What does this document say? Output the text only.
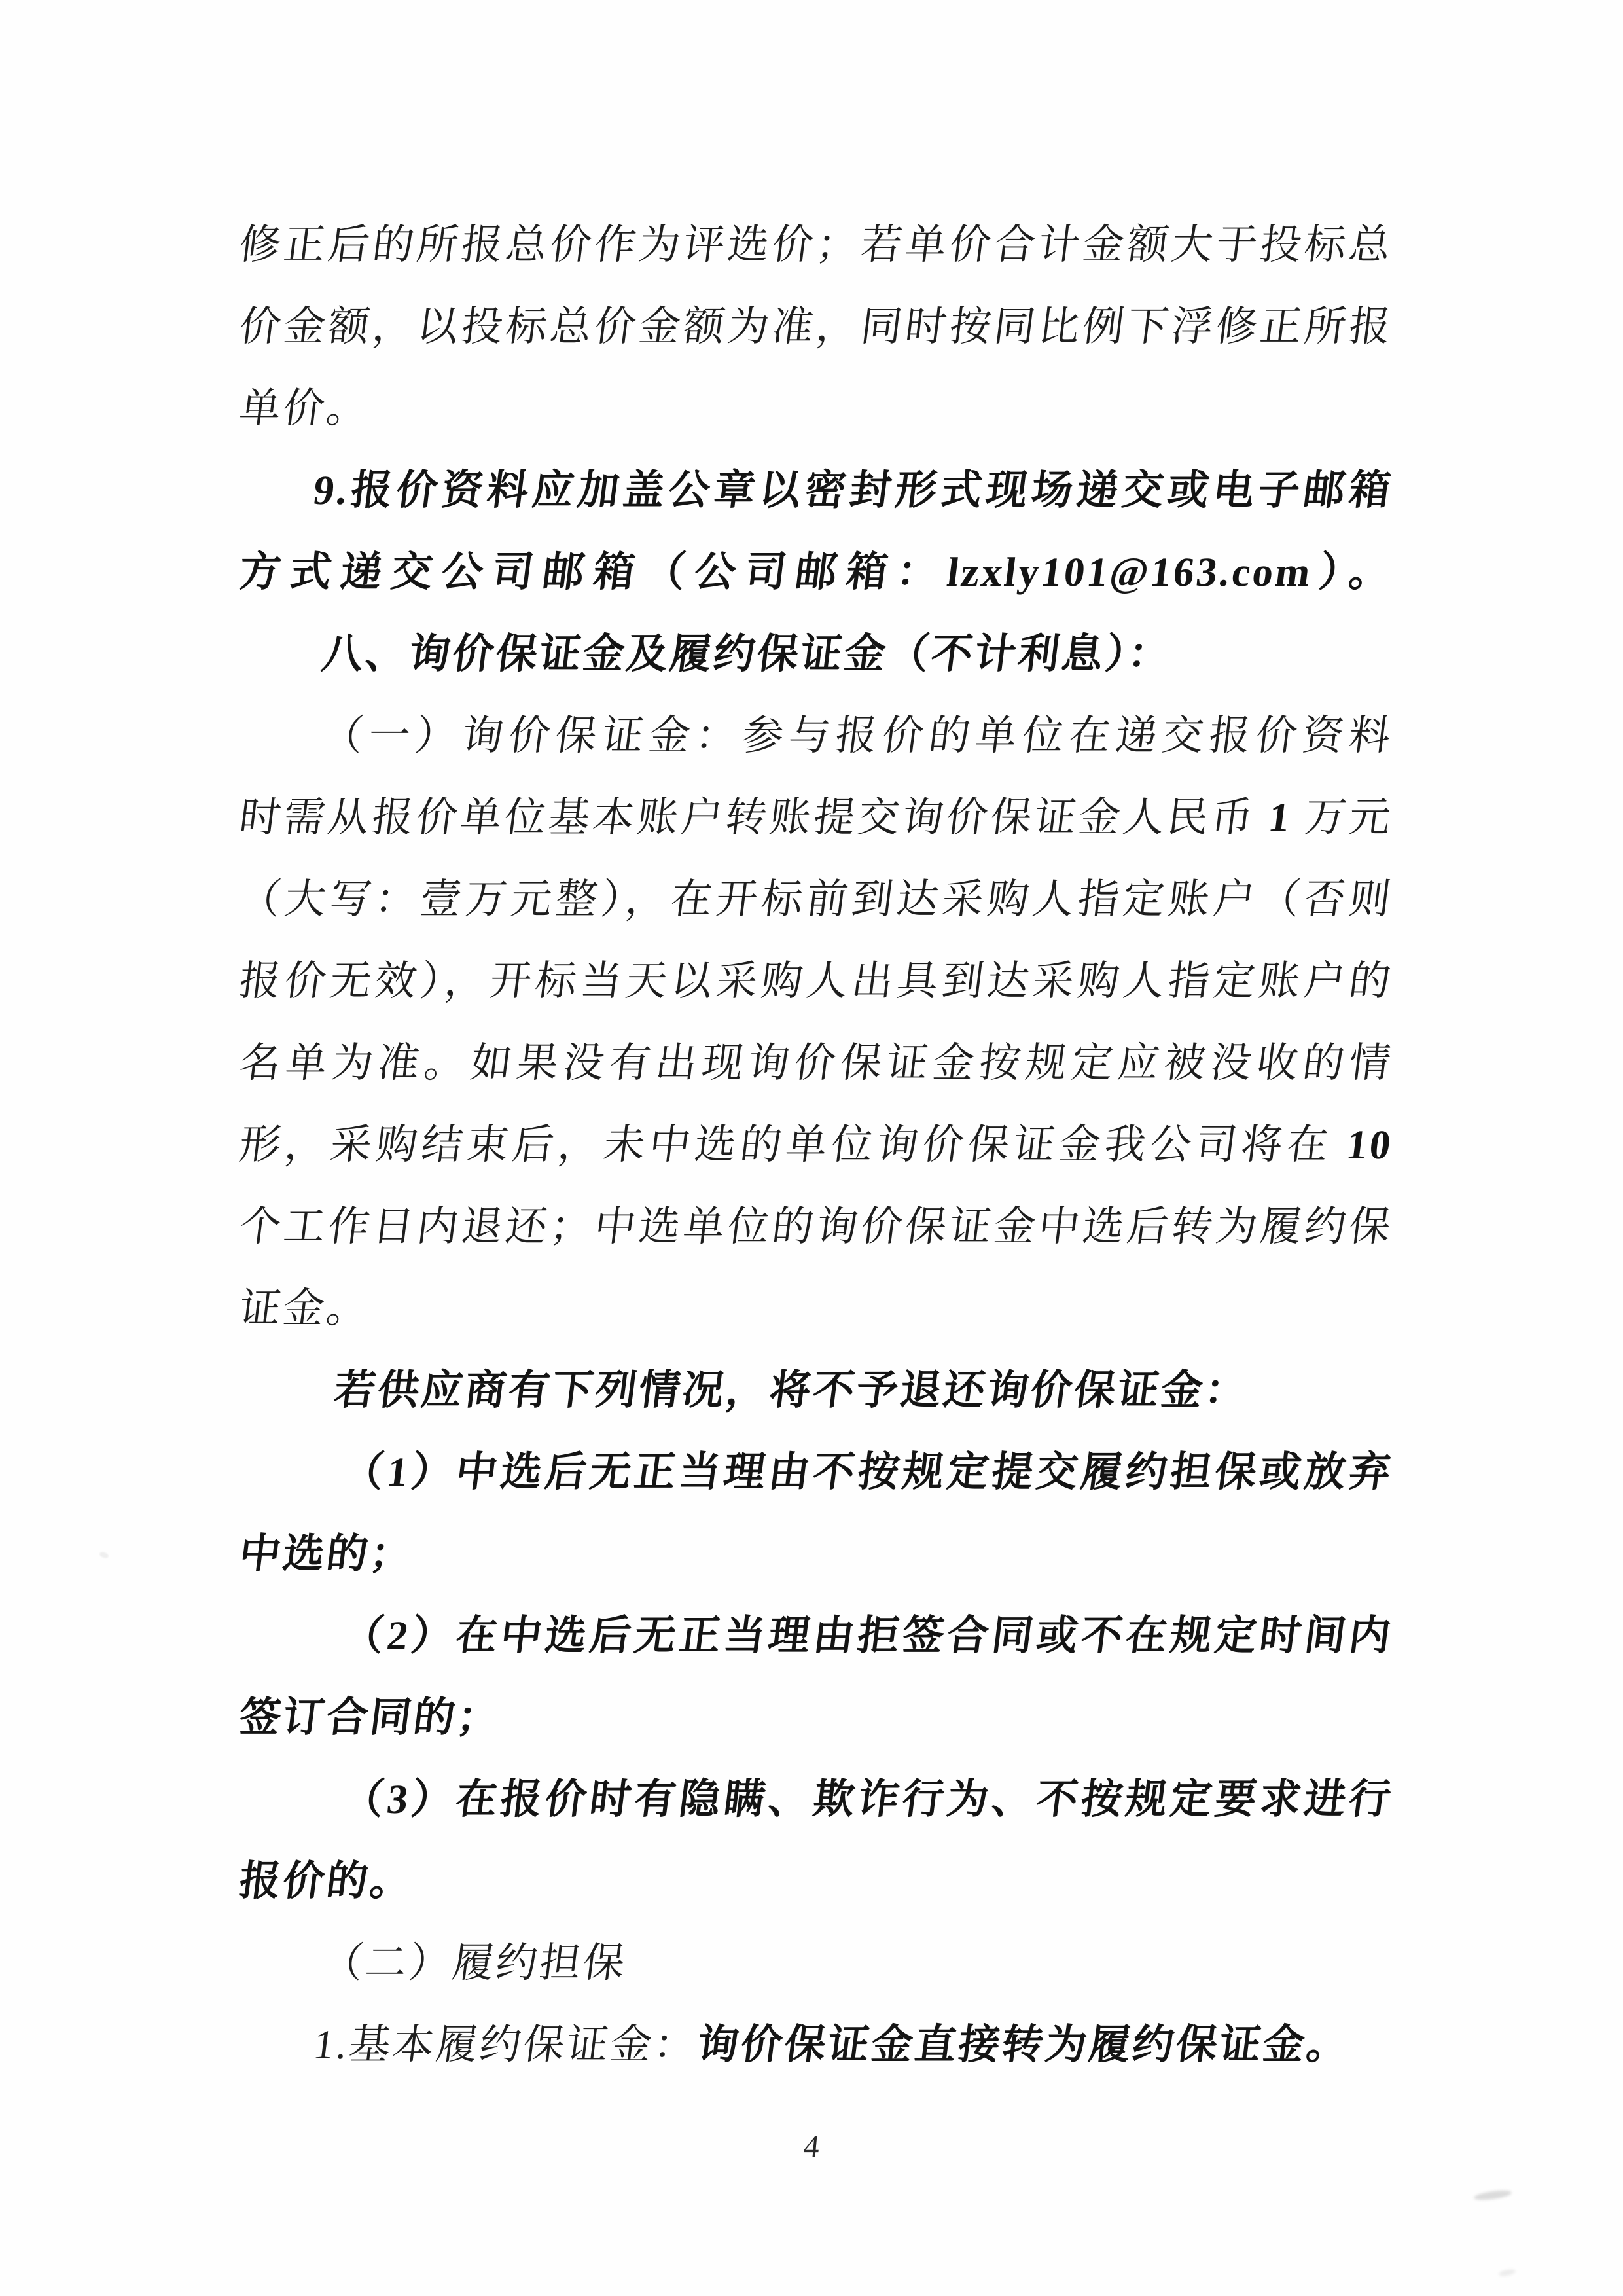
修正后的所报总价作为评选价；若单价合计金额大于投标总
价金额，以投标总价金额为准，同时按同比例下浮修正所报
单价。
9.报价资料应加盖公章以密封形式现场递交或电子邮箱
方式递交公司邮箱（公司邮箱：lzxly101@163.com）。
八、询价保证金及履约保证金（不计利息）：
（一）询价保证金：参与报价的单位在递交报价资料
时需从报价单位基本账户转账提交询价保证金人民币 1 万元
（大写：壹万元整），在开标前到达采购人指定账户（否则
报价无效），开标当天以采购人出具到达采购人指定账户的
名单为准。如果没有出现询价保证金按规定应被没收的情
形，采购结束后，未中选的单位询价保证金我公司将在 10
个工作日内退还；中选单位的询价保证金中选后转为履约保
证金。
若供应商有下列情况，将不予退还询价保证金：
（1）中选后无正当理由不按规定提交履约担保或放弃
中选的；
（2）在中选后无正当理由拒签合同或不在规定时间内
签订合同的；
（3）在报价时有隐瞒、欺诈行为、不按规定要求进行
报价的。
（二）履约担保
1.基本履约保证金：询价保证金直接转为履约保证金。
4
